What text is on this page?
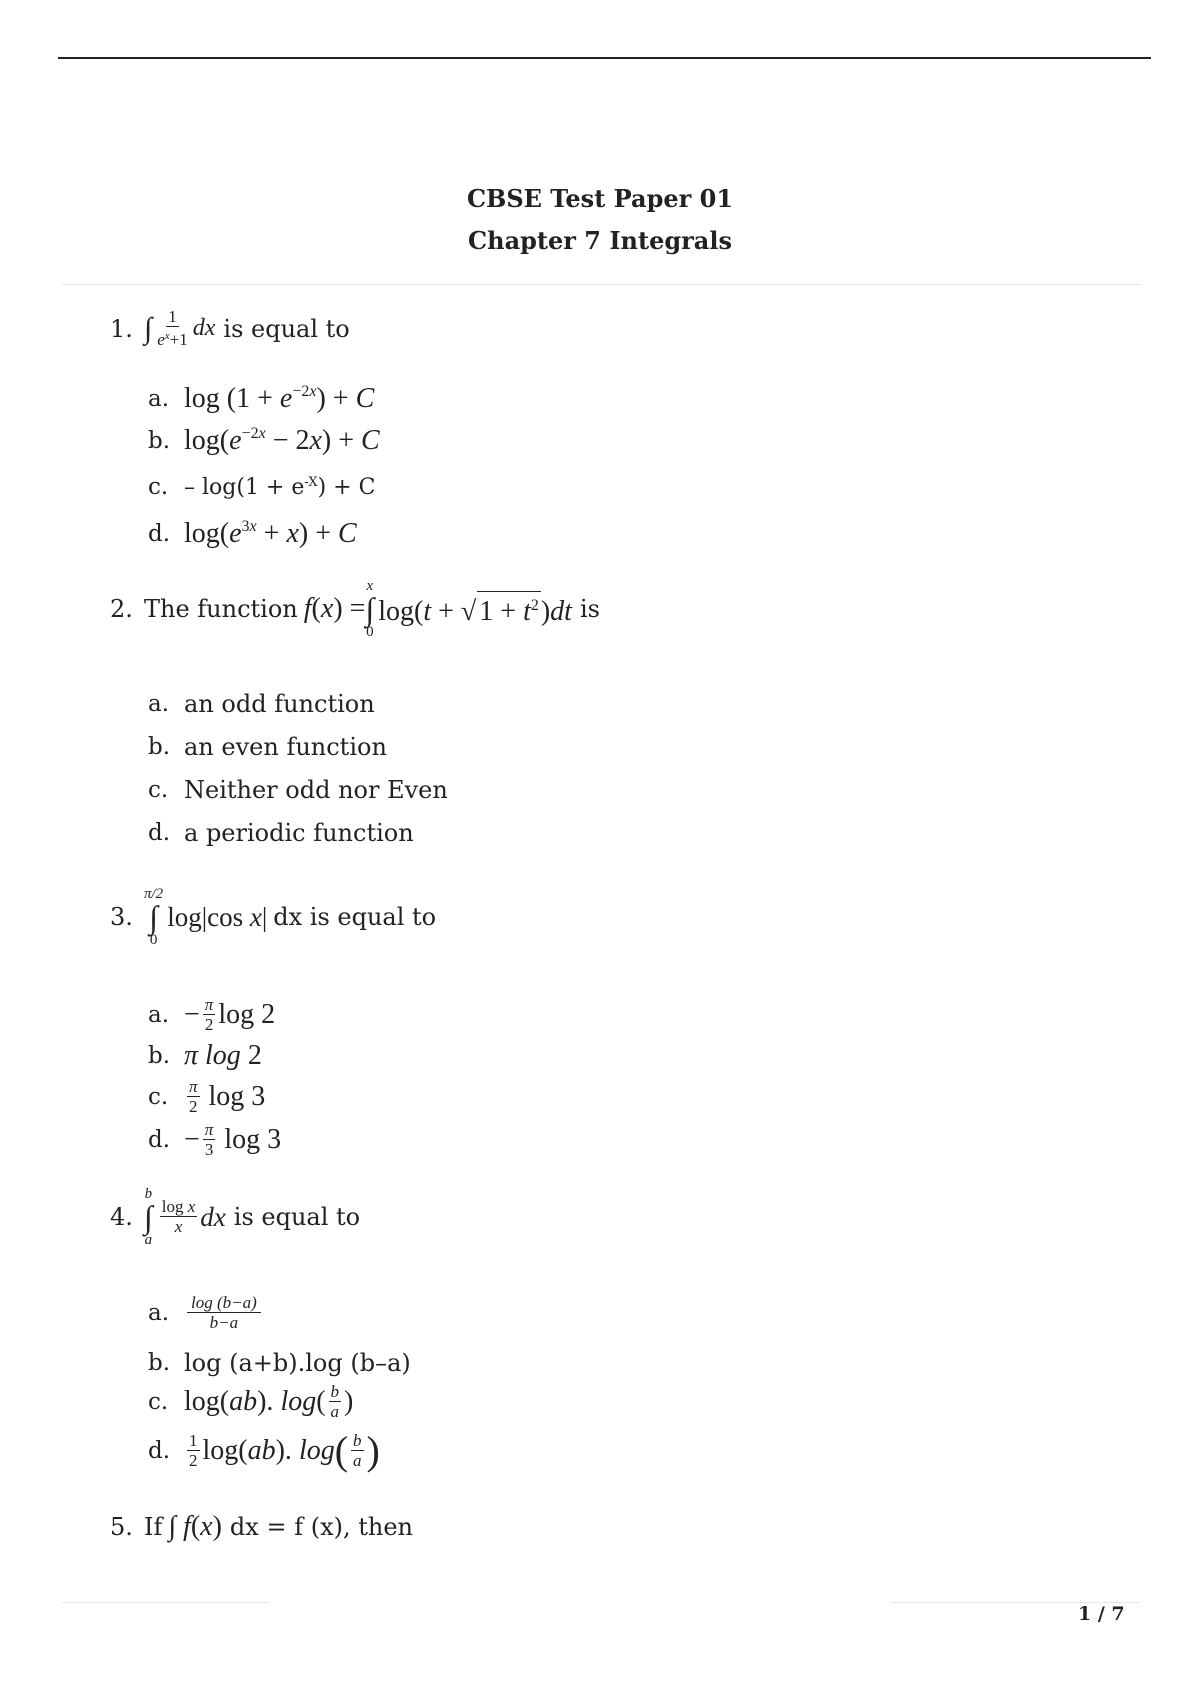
CBSE Test Paper 01
Chapter 7 Integrals
1. ∫ $\frac{1}{e^x+1}$ dx is equal to
a. $\log (1 + e^{-2x}) + C$
b. $\log(e^{-2x} - 2x) + C$
c. – $\log(1 + e^{-X}) + C$
d. $\log(e^{3x} + x) + C$
2. The function f (x) =
x
∫
0
log(t + √ $1 + t^2)dt$ is
a. an odd function
b. an even function
c. Neither odd nor Even
d. a periodic function
3.
π/2
∫
0
log|cos x| dx is equal to
a. − $\frac{\pi}{2}$ log 2
b. π log 2
c.	$\frac{\pi}{2}$ log 3
d. − $\frac{\pi}{3}$ log 3
4.
b
∫
a
$\frac{\text{log x}}{x}$ dx is equal to
a.	$\frac{\log (b-a)}{b-a}$
b. log (a+b).log (b–a)
c. log(ab). $\log( \frac{b}{a}$ )
d. $\frac{1}{2} \log(ab)$. log ( $\frac{b}{a}$ )
5. If ∫ f(x) dx = f (x), then
1 / 7
